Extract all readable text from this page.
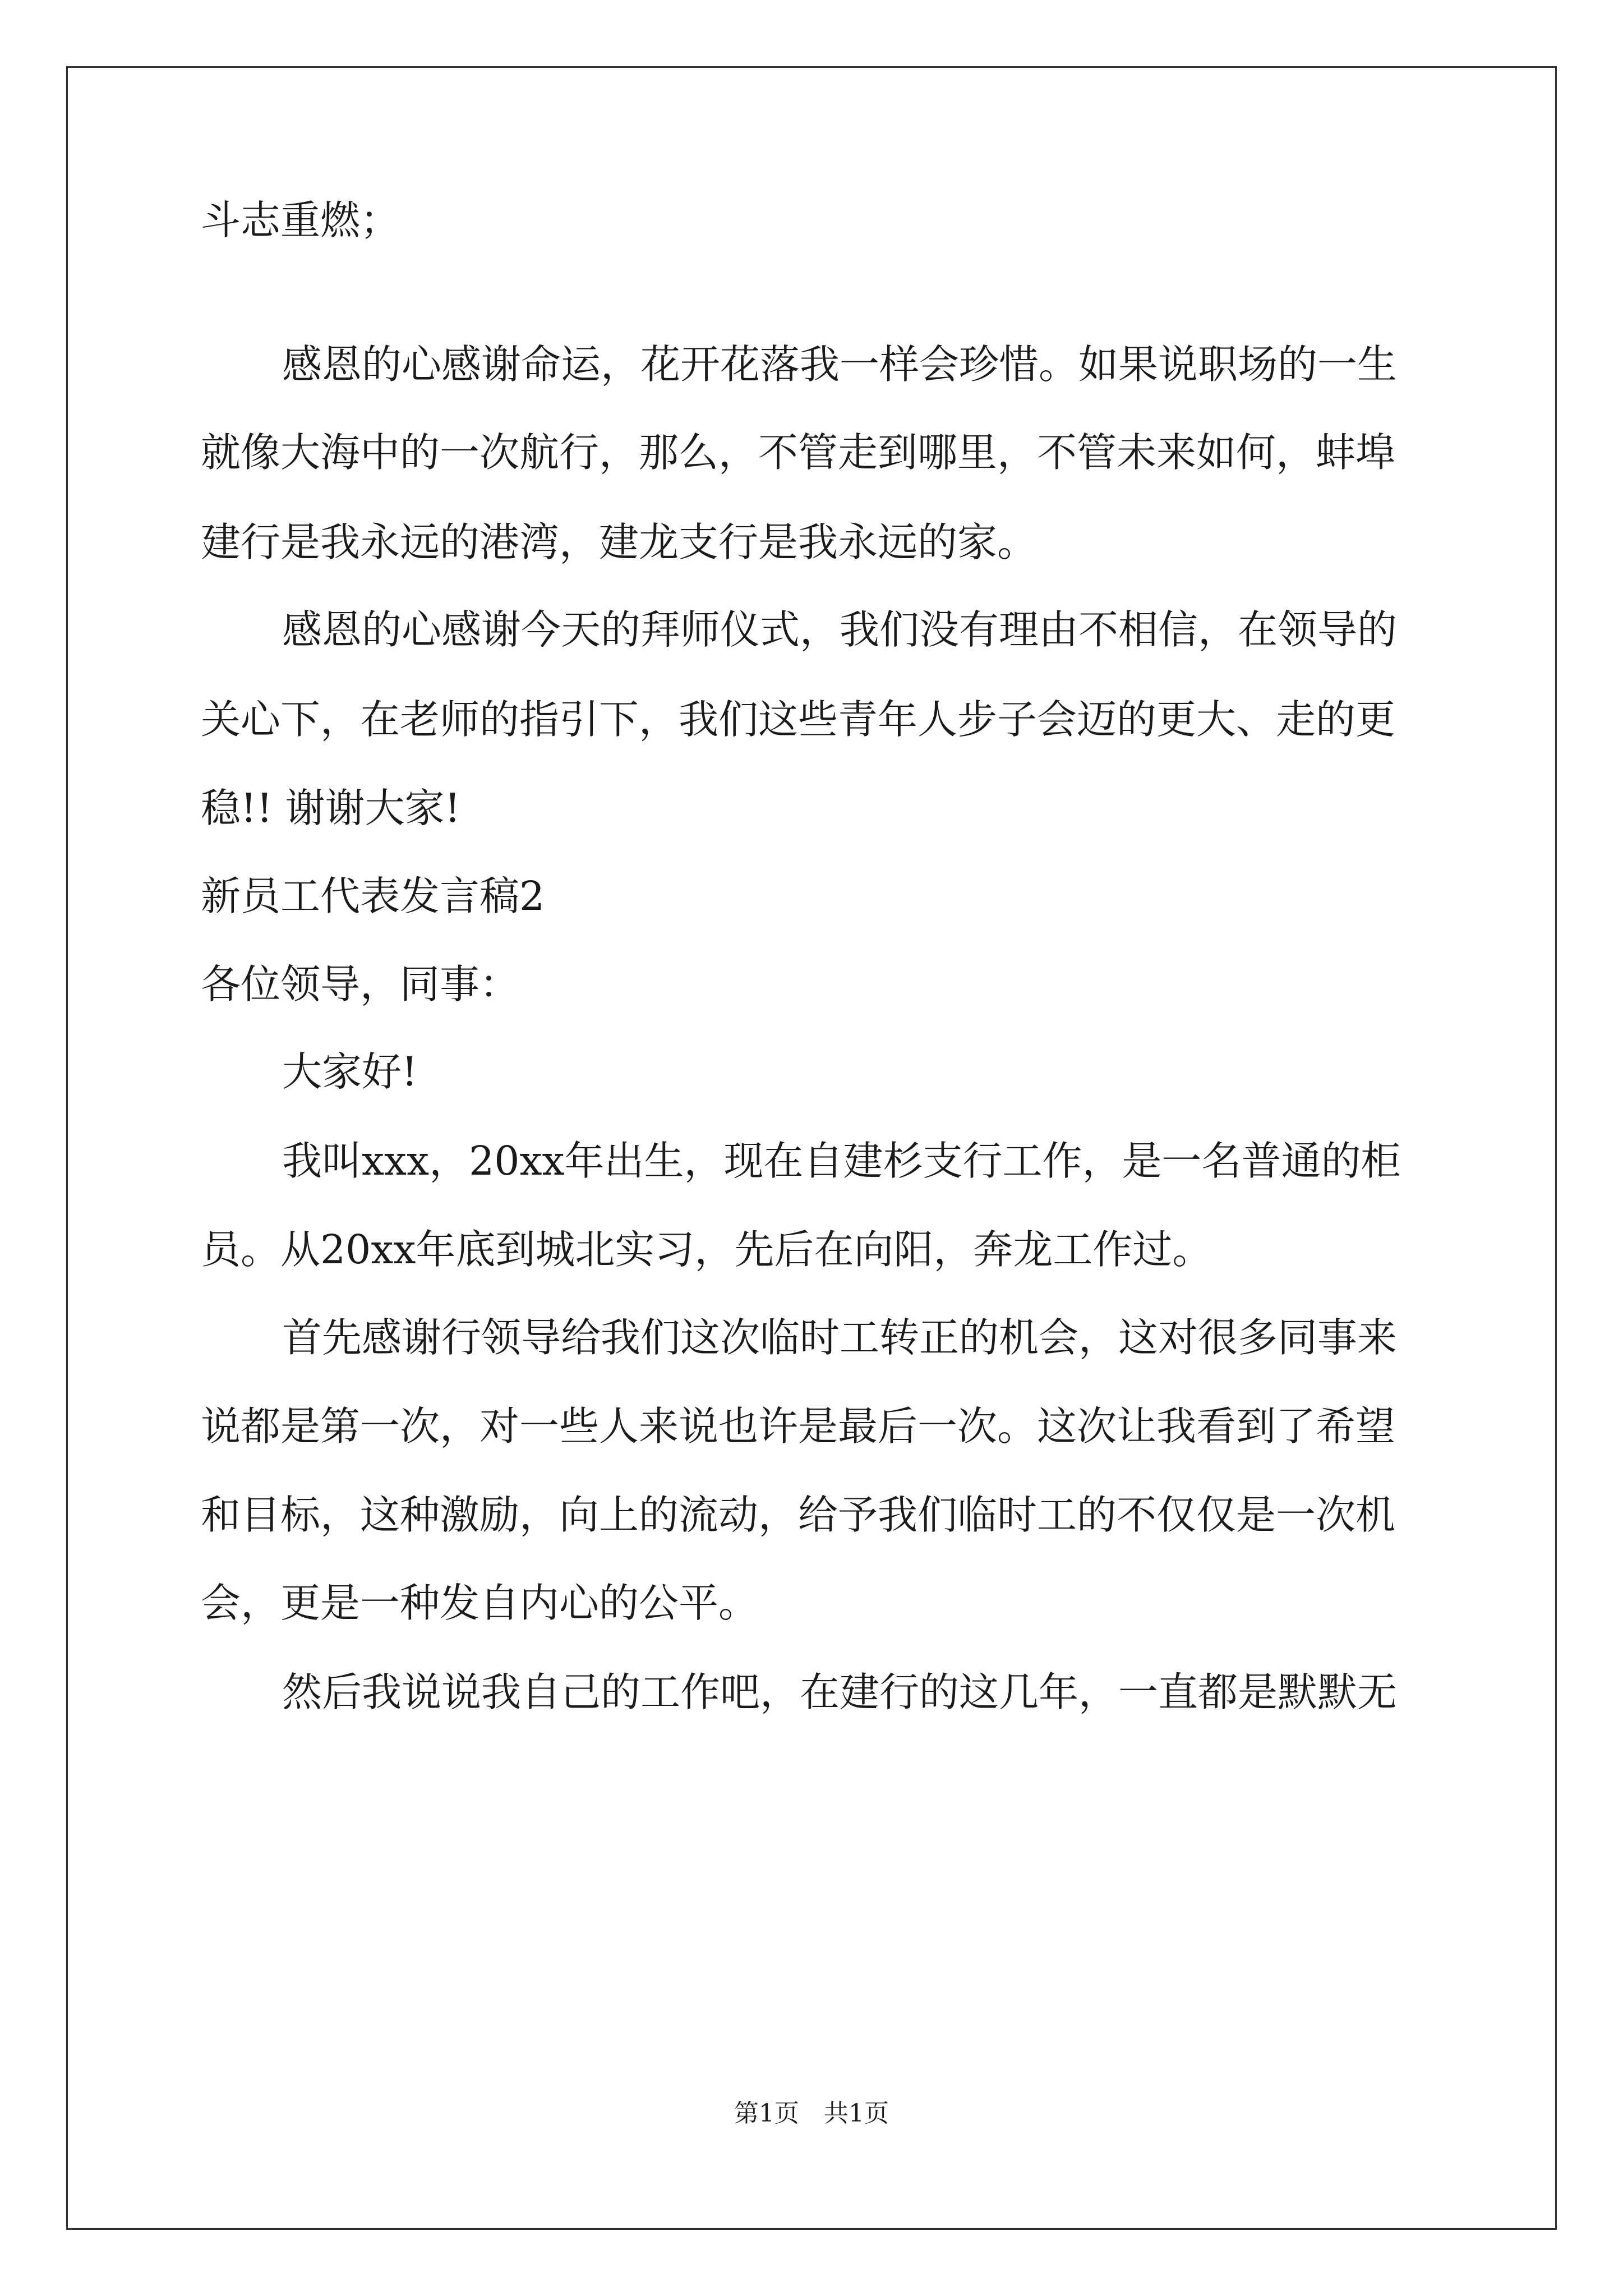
斗志重燃；
感恩的心感谢命运，花开花落我一样会珍惜。如果说职场的一生
就像大海中的一次航行，那么，不管走到哪里，不管未来如何，蚌埠
建行是我永远的港湾，建龙支行是我永远的家。
感恩的心感谢今天的拜师仪式，我们没有理由不相信，在领导的
关心下，在老师的指引下，我们这些青年人步子会迈的更大、走的更
稳!! 谢谢大家!
新员工代表发言稿2
各位领导，同事：
大家好!
我叫xxx，20xx年出生，现在自建杉支行工作，是一名普通的柜
员。从20xx年底到城北实习，先后在向阳，奔龙工作过。
首先感谢行领导给我们这次临时工转正的机会，这对很多同事来
说都是第一次，对一些人来说也许是最后一次。这次让我看到了希望
和目标，这种激励，向上的流动，给予我们临时工的不仅仅是一次机
会，更是一种发自内心的公平。
然后我说说我自己的工作吧，在建行的这几年，一直都是默默无
第1页　共1页
